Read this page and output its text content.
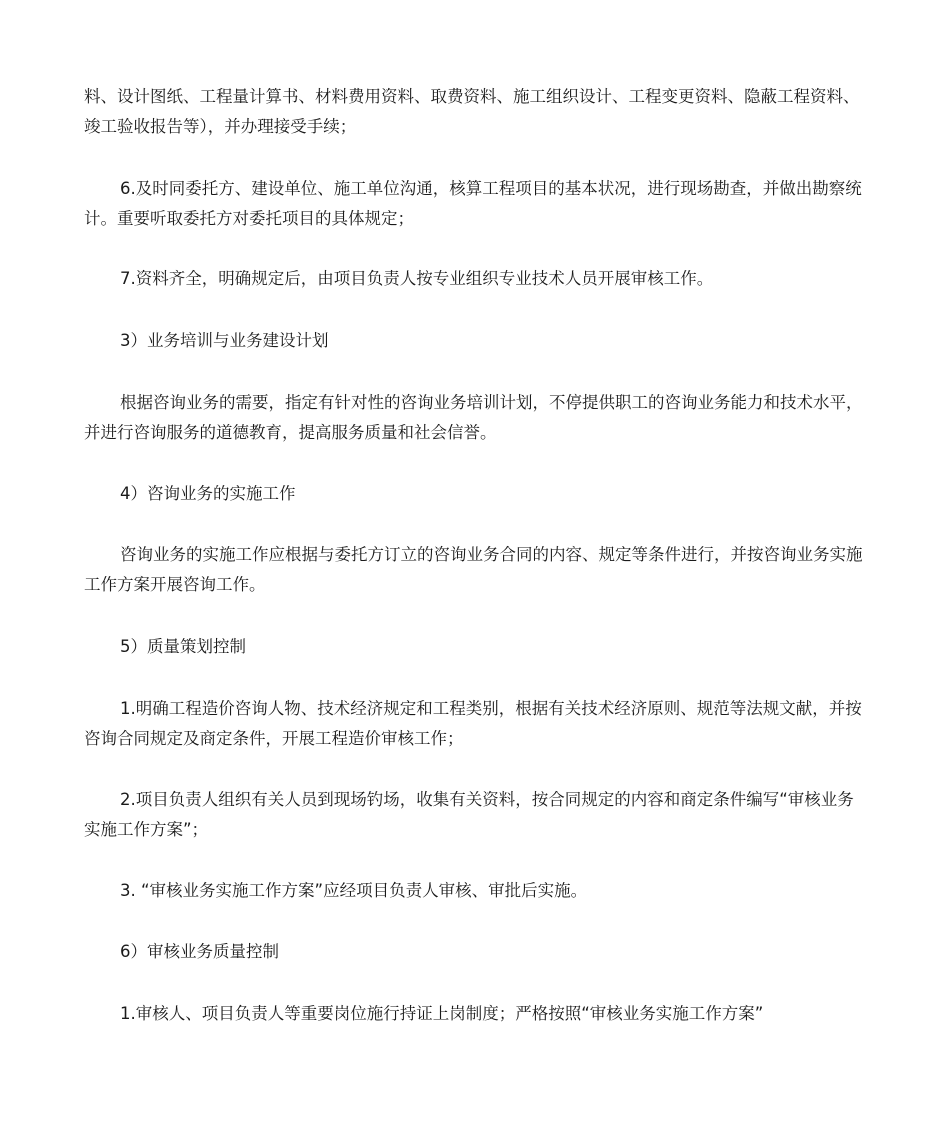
料、设计图纸、工程量计算书、材料费用资料、取费资料、施工组织设计、工程变更资料、隐蔽工程资料、竣工验收报告等），并办理接受手续；

6.及时同委托方、建设单位、施工单位沟通，核算工程项目的基本状况，进行现场勘查，并做出勘察统计。重要听取委托方对委托项目的具体规定；

7.资料齐全，明确规定后，由项目负责人按专业组织专业技术人员开展审核工作。

3）业务培训与业务建设计划

根据咨询业务的需要，指定有针对性的咨询业务培训计划，不停提供职工的咨询业务能力和技术水平，并进行咨询服务的道德教育，提高服务质量和社会信誉。

4）咨询业务的实施工作

咨询业务的实施工作应根据与委托方订立的咨询业务合同的内容、规定等条件进行，并按咨询业务实施工作方案开展咨询工作。

5）质量策划控制

1.明确工程造价咨询人物、技术经济规定和工程类别，根据有关技术经济原则、规范等法规文献，并按咨询合同规定及商定条件，开展工程造价审核工作；

2.项目负责人组织有关人员到现场钓场，收集有关资料，按合同规定的内容和商定条件编写“审核业务实施工作方案”；

3. “审核业务实施工作方案”应经项目负责人审核、审批后实施。

6）审核业务质量控制

1.审核人、项目负责人等重要岗位施行持证上岗制度；严格按照“审核业务实施工作方案”
